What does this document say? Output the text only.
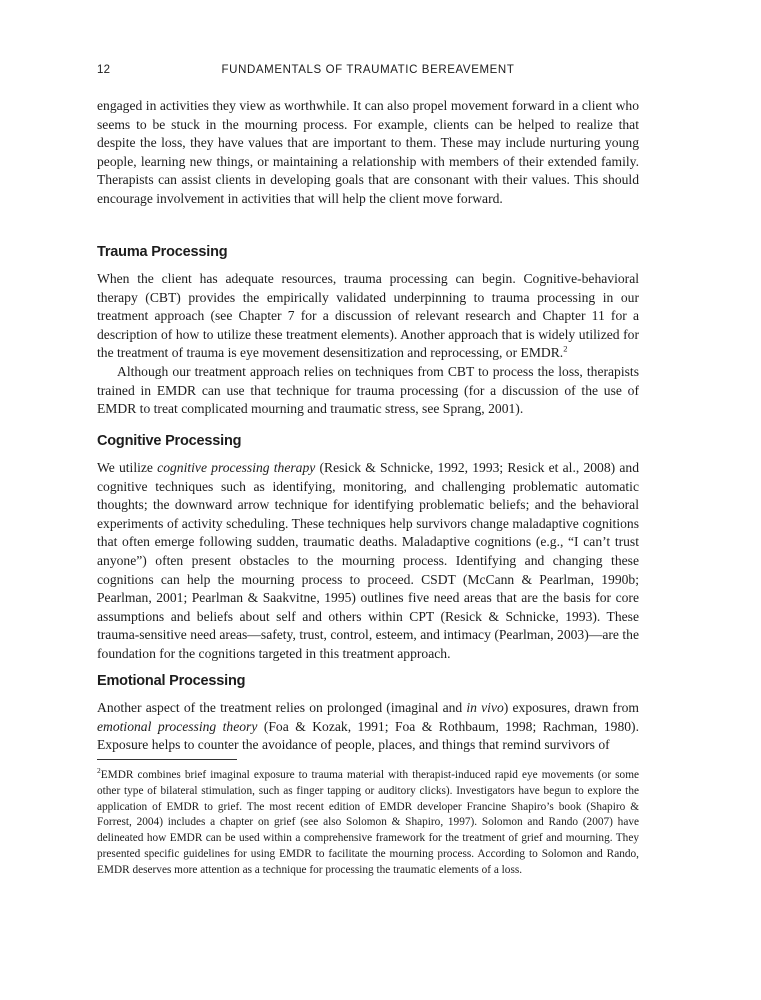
12	FUNDAMENTALS OF TRAUMATIC BEREAVEMENT

engaged in activities they view as worthwhile. It can also propel movement forward in a client who seems to be stuck in the mourning process. For example, clients can be helped to realize that despite the loss, they have values that are important to them. These may include nurturing young people, learning new things, or maintaining a relationship with members of their extended family. Therapists can assist clients in developing goals that are consonant with their values. This should encourage involvement in activities that will help the client move forward.

Trauma Processing

When the client has adequate resources, trauma processing can begin. Cognitive-behavioral therapy (CBT) provides the empirically validated underpinning to trauma processing in our treatment approach (see Chapter 7 for a discussion of relevant research and Chapter 11 for a description of how to utilize these treatment elements). Another approach that is widely utilized for the treatment of trauma is eye movement desensitization and reprocessing, or EMDR.$^2$

Although our treatment approach relies on techniques from CBT to process the loss, therapists trained in EMDR can use that technique for trauma processing (for a discussion of the use of EMDR to treat complicated mourning and traumatic stress, see Sprang, 2001).

Cognitive Processing

We utilize cognitive processing therapy (Resick & Schnicke, 1992, 1993; Resick et al., 2008) and cognitive techniques such as identifying, monitoring, and challenging problematic automatic thoughts; the downward arrow technique for identifying problematic beliefs; and the behavioral experiments of activity scheduling. These techniques help survivors change maladaptive cognitions that often emerge following sudden, traumatic deaths. Maladaptive cognitions (e.g., “I can’t trust anyone”) often present obstacles to the mourning process. Identifying and changing these cognitions can help the mourning process to proceed. CSDT (McCann & Pearlman, 1990b; Pearlman, 2001; Pearlman & Saakvitne, 1995) outlines five need areas that are the basis for core assumptions and beliefs about self and others within CPT (Resick & Schnicke, 1993). These trauma-sensitive need areas—safety, trust, control, esteem, and intimacy (Pearlman, 2003)—are the foundation for the cognitions targeted in this treatment approach.

Emotional Processing

Another aspect of the treatment relies on prolonged (imaginal and in vivo) exposures, drawn from emotional processing theory (Foa & Kozak, 1991; Foa & Rothbaum, 1998; Rachman, 1980). Exposure helps to counter the avoidance of people, places, and things that remind survivors of

$^2$EMDR combines brief imaginal exposure to trauma material with therapist-induced rapid eye movements (or some other type of bilateral stimulation, such as finger tapping or auditory clicks). Investigators have begun to explore the application of EMDR to grief. The most recent edition of EMDR developer Francine Shapiro’s book (Shapiro & Forrest, 2004) includes a chapter on grief (see also Solomon & Shapiro, 1997). Solomon and Rando (2007) have delineated how EMDR can be used within a comprehensive framework for the treatment of grief and mourning. They presented specific guidelines for using EMDR to facilitate the mourning process. According to Solomon and Rando, EMDR deserves more attention as a technique for processing the traumatic elements of a loss.
